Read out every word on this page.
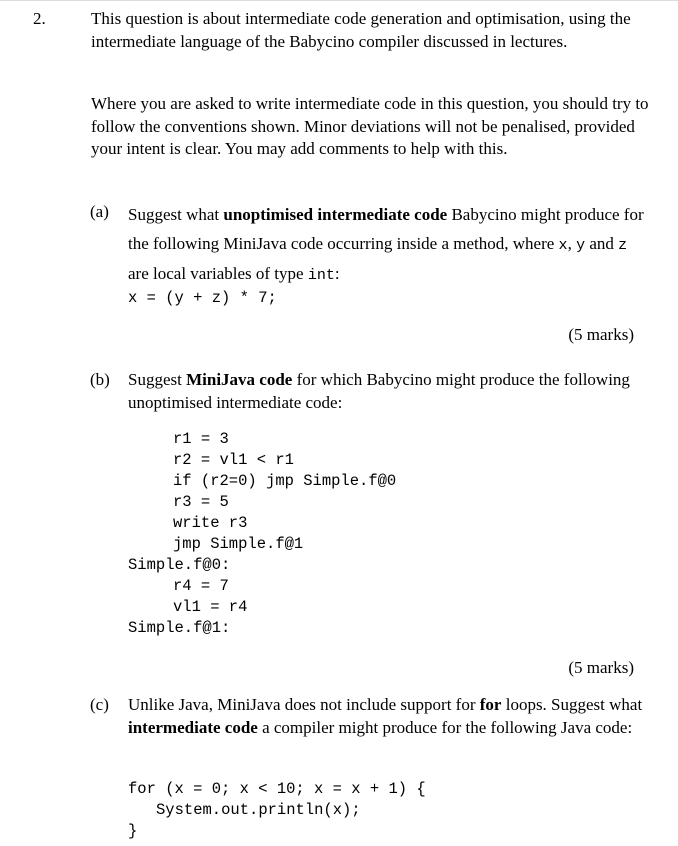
2.	This question is about intermediate code generation and optimisation, using the intermediate language of the Babycino compiler discussed in lectures.
Where you are asked to write intermediate code in this question, you should try to follow the conventions shown. Minor deviations will not be penalised, provided your intent is clear. You may add comments to help with this.
(a) Suggest what unoptimised intermediate code Babycino might produce for the following MiniJava code occurring inside a method, where x, y and z are local variables of type int:
x = (y + z) * 7;
(5 marks)
(b) Suggest MiniJava code for which Babycino might produce the following unoptimised intermediate code:
r1 = 3
r2 = vl1 < r1
if (r2=0) jmp Simple.f@0
r3 = 5
write r3
jmp Simple.f@1
Simple.f@0:
r4 = 7
vl1 = r4
Simple.f@1:
(5 marks)
(c) Unlike Java, MiniJava does not include support for for loops. Suggest what intermediate code a compiler might produce for the following Java code:
for (x = 0; x < 10; x = x + 1) {
System.out.println(x);
}
